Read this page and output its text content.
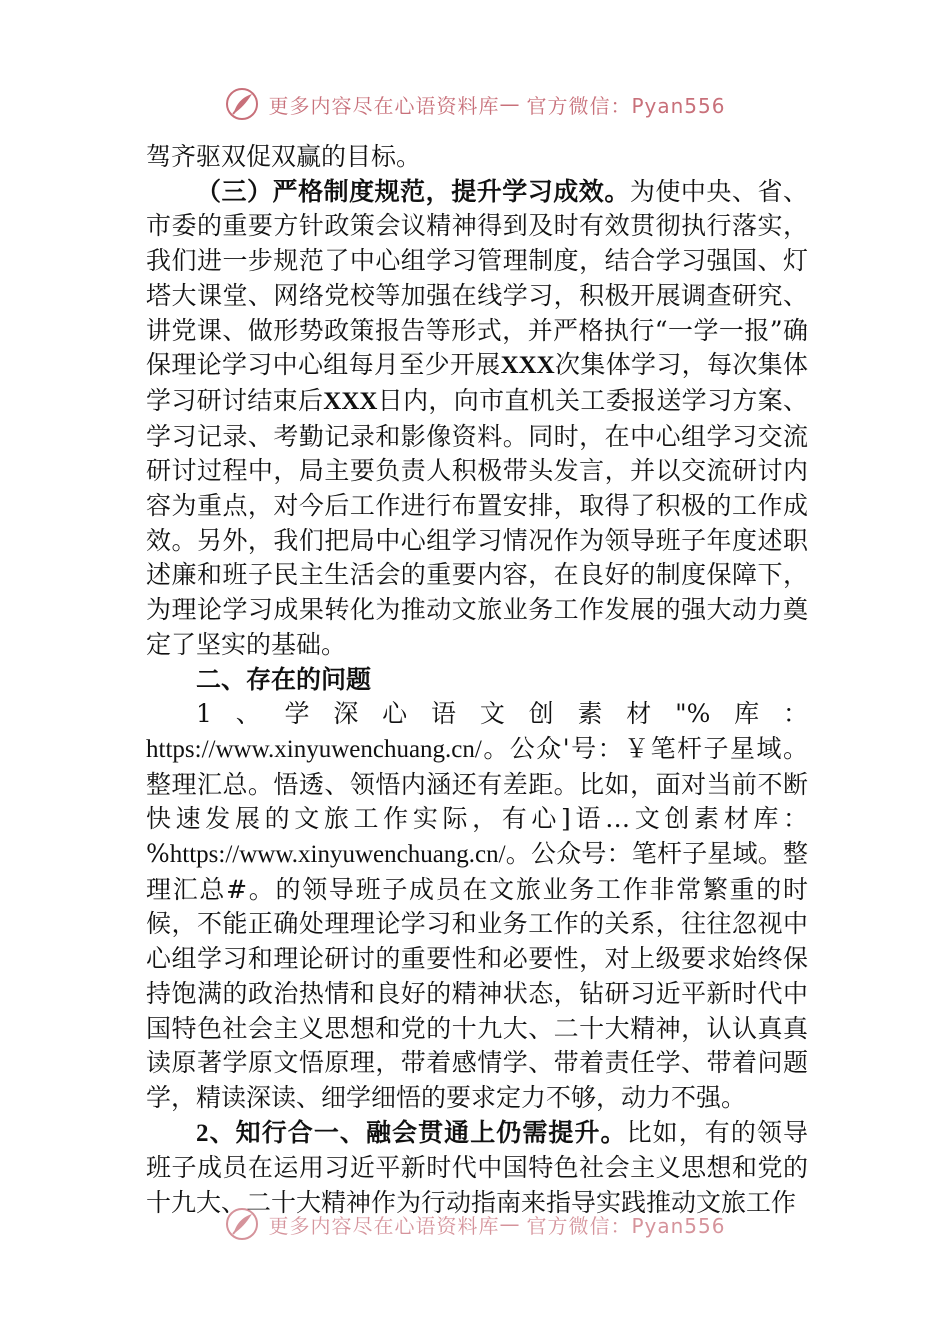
更多内容尽在心语资料库 — 官方微信：Pyan556

驾齐驱双促双赢的目标。

（三）严格制度规范，提升学习成效。为使中央、省、市委的重要方针政策会议精神得到及时有效贯彻执行落实，我们进一步规范了中心组学习管理制度，结合学习强国、灯塔大课堂、网络党校等加强在线学习，积极开展调查研究、讲党课、做形势政策报告等形式，并严格执行“一学一报”确保理论学习中心组每月至少开展XXX次集体学习，每次集体学习研讨结束后XXX日内，向市直机关工委报送学习方案、学习记录、考勤记录和影像资料。同时，在中心组学习交流研讨过程中，局主要负责人积极带头发言，并以交流研讨内容为重点，对今后工作进行布置安排，取得了积极的工作成效。另外，我们把局中心组学习情况作为领导班子年度述职述廉和班子民主生活会的重要内容，在良好的制度保障下，为理论学习成果转化为推动文旅业务工作发展的强大动力奠定了坚实的基础。

二、存在的问题

1、学深心语文创素材"%库：https://www.xinyuwenchuang.cn/。公众'号：￥笔杆子星域。整理汇总。悟透、领悟内涵还有差距。比如，面对当前不断快速发展的文旅工作实际，有心]语…文创素材库：%https://www.xinyuwenchuang.cn/。公众号：笔杆子星域。整理汇总#。的领导班子成员在文旅业务工作非常繁重的时候，不能正确处理理论学习和业务工作的关系，往往忽视中心组学习和理论研讨的重要性和必要性，对上级要求始终保持饱满的政治热情和良好的精神状态，钻研习近平新时代中国特色社会主义思想和党的十九大、二十大精神，认认真真读原著学原文悟原理，带着感情学、带着责任学、带着问题学，精读深读、细学细悟的要求定力不够，动力不强。

2、知行合一、融会贯通上仍需提升。比如，有的领导班子成员在运用习近平新时代中国特色社会主义思想和党的十九大、二十大精神作为行动指南来指导实践推动文旅工作

更多内容尽在心语资料库 — 官方微信：Pyan556
